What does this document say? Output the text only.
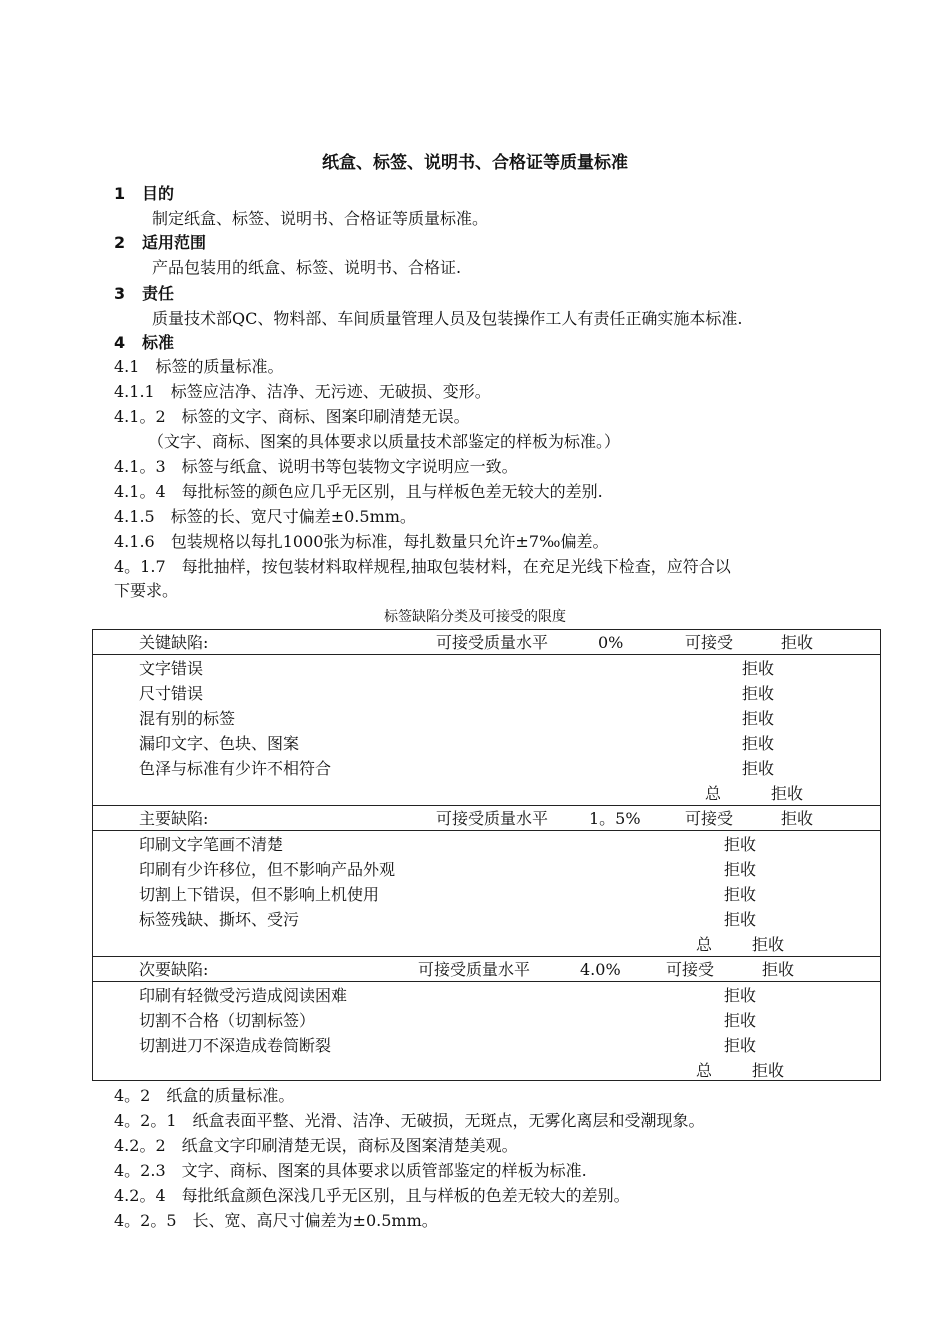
纸盒、标签、说明书、合格证等质量标准
1 目的
制定纸盒、标签、说明书、合格证等质量标准。
2 适用范围
产品包装用的纸盒、标签、说明书、合格证.
3 责任
质量技术部QC、物料部、车间质量管理人员及包装操作工人有责任正确实施本标准.
4 标准
4.1　标签的质量标准。
4.1.1　标签应洁净、洁净、无污迹、无破损、变形。
4.1。2　标签的文字、商标、图案印刷清楚无误。
　（文字、商标、图案的具体要求以质量技术部鉴定的样板为标准。）
4.1。3　标签与纸盒、说明书等包装物文字说明应一致。
4.1。4　每批标签的颜色应几乎无区别，且与样板色差无较大的差别.
4.1.5　标签的长、宽尺寸偏差±0.5mm。
4.1.6　包装规格以每扎1000张为标准，每扎数量只允许±7‰偏差。
4。1.7　每批抽样，按包装材料取样规程,抽取包装材料，在充足光线下检查，应符合以
下要求。
标签缺陷分类及可接受的限度
关键缺陷:	可接受质量水平	0%	可接受	拒收
文字错误	拒收
尺寸错误	拒收
混有别的标签	拒收
漏印文字、色块、图案	拒收
色泽与标准有少许不相符合	拒收
总	拒收
主要缺陷:	可接受质量水平	1。5%	可接受	拒收
印刷文字笔画不清楚	拒收
印刷有少许移位，但不影响产品外观	拒收
切割上下错误，但不影响上机使用	拒收
标签残缺、撕坏、受污	拒收
总 拒收
次要缺陷:	可接受质量水平	4.0%	可接受	拒收
印刷有轻微受污造成阅读困难	拒收
切割不合格（切割标签）	拒收
切割进刀不深造成卷筒断裂	拒收
总 拒收
4。2　纸盒的质量标准。
4。2。1　纸盒表面平整、光滑、洁净、无破损，无斑点，无雾化离层和受潮现象。
4.2。2　纸盒文字印刷清楚无误，商标及图案清楚美观。
4。2.3　文字、商标、图案的具体要求以质管部鉴定的样板为标准.
4.2。4　每批纸盒颜色深浅几乎无区别，且与样板的色差无较大的差别。
4。2。5　长、宽、高尺寸偏差为±0.5mm。
